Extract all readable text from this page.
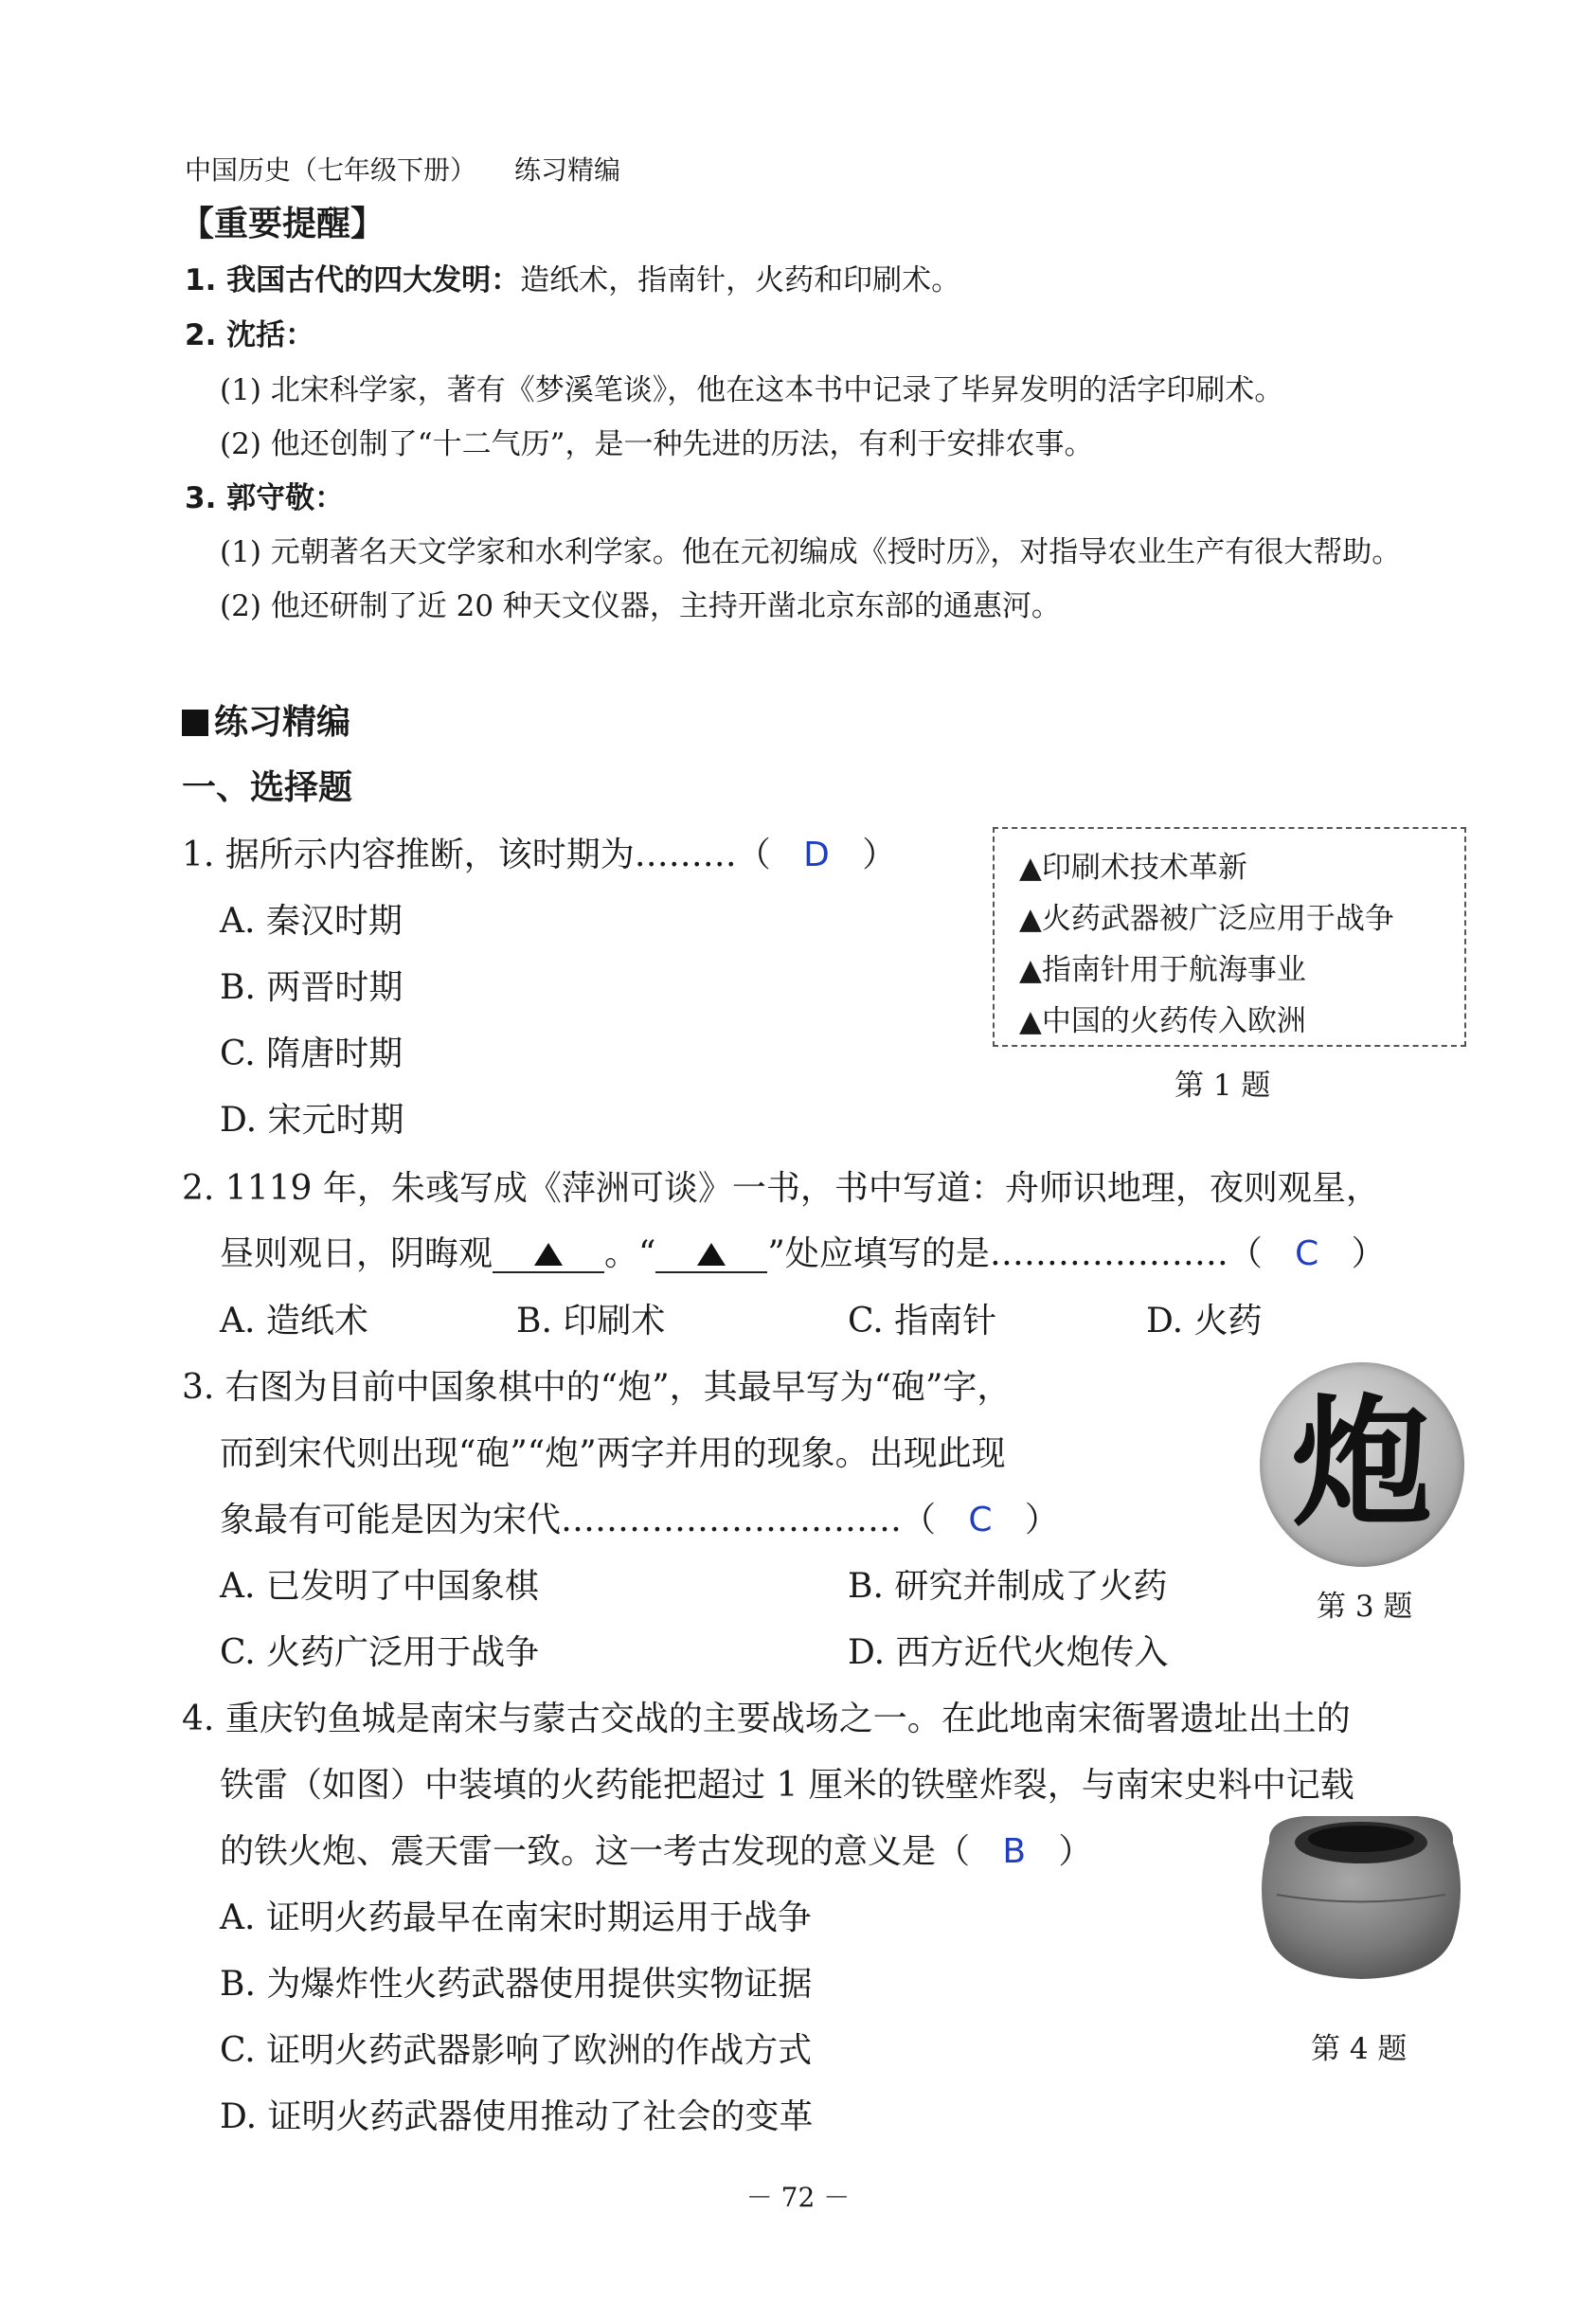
中国历史（七年级下册） 练习精编
【重要提醒】
1. 我国古代的四大发明：造纸术，指南针，火药和印刷术。
2. 沈括：
(1) 北宋科学家，著有《梦溪笔谈》，他在这本书中记录了毕昇发明的活字印刷术。
(2) 他还创制了“十二气历”，是一种先进的历法，有利于安排农事。
3. 郭守敬：
(1) 元朝著名天文学家和水利学家。他在元初编成《授时历》，对指导农业生产有很大帮助。
(2) 他还研制了近 20 种天文仪器，主持开凿北京东部的通惠河。
练习精编
一、选择题
1. 据所示内容推断，该时期为………（ D ）
A. 秦汉时期
B. 两晋时期
C. 隋唐时期
D. 宋元时期
▲印刷术技术革新
▲火药武器被广泛应用于战争
▲指南针用于航海事业
▲中国的火药传入欧洲
第 1 题
2. 1119 年，朱彧写成《萍洲可谈》一书，书中写道：舟师识地理，夜则观星，
昼则观日，阴晦观	。“	”处应填写的是…………………（ C ）
A. 造纸术	B. 印刷术	C. 指南针	D. 火药
3. 右图为目前中国象棋中的“炮”，其最早写为“砲”字，
而到宋代则出现“砲”“炮”两字并用的现象。出现此现
象最有可能是因为宋代…………………………（ C ）
A. 已发明了中国象棋	B. 研究并制成了火药
C. 火药广泛用于战争	D. 西方近代火炮传入
炮
第 3 题
4. 重庆钓鱼城是南宋与蒙古交战的主要战场之一。在此地南宋衙署遗址出土的
铁雷（如图）中装填的火药能把超过 1 厘米的铁壁炸裂，与南宋史料中记载
的铁火炮、震天雷一致。这一考古发现的意义是（ B ）
A. 证明火药最早在南宋时期运用于战争
B. 为爆炸性火药武器使用提供实物证据
C. 证明火药武器影响了欧洲的作战方式
D. 证明火药武器使用推动了社会的变革
第 4 题
－ 72 －
